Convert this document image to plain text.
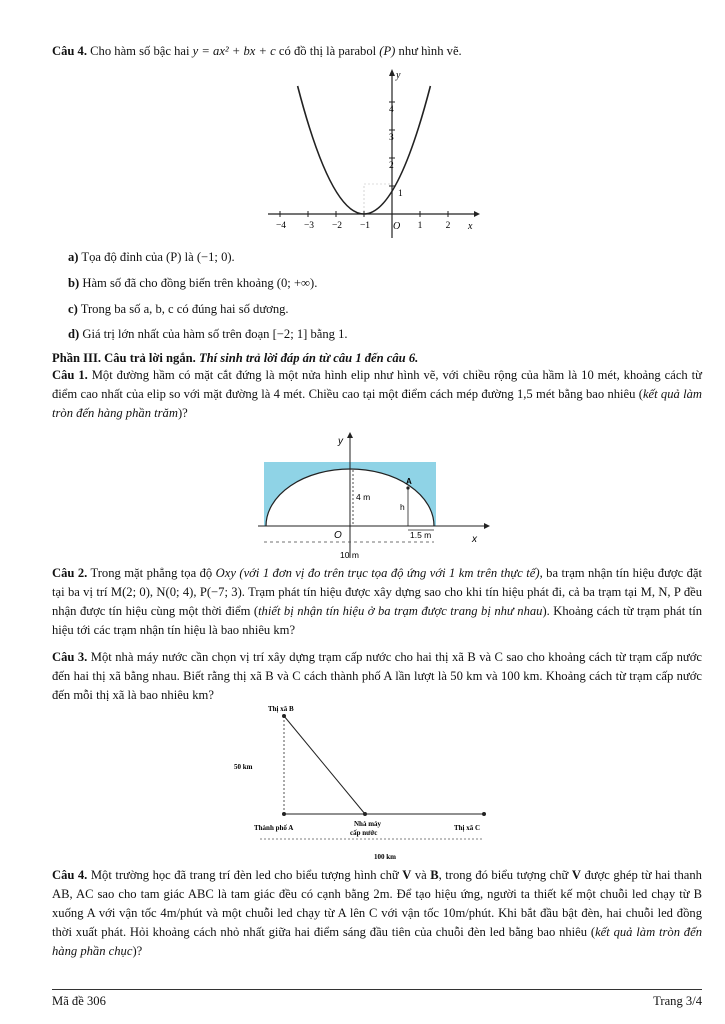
Câu 4. Cho hàm số bậc hai y = ax² + bx + c có đồ thị là parabol (P) như hình vẽ.

y
x
O
−4 −3 −2 −1	1 2
1
2
3
4
a) Tọa độ đỉnh của (P) là (−1; 0).
b) Hàm số đã cho đồng biến trên khoảng (0; +∞).
c) Trong ba số a, b, c có đúng hai số dương.
d) Giá trị lớn nhất của hàm số trên đoạn [−2; 1] bằng 1.

Phần III. Câu trả lời ngắn. Thí sinh trả lời đáp án từ câu 1 đến câu 6.

Câu 1. Một đường hầm có mặt cắt đứng là một nửa hình elip như hình vẽ, với chiều rộng của hầm là 10 mét, khoảng cách từ điểm cao nhất của elip so với mặt đường là 4 mét. Chiều cao tại một điểm cách mép đường 1,5 mét bằng bao nhiêu (kết quả làm tròn đến hàng phần trăm)?

y
x
O
4 m
A
h
1.5 m
10 m

Câu 2. Trong mặt phẳng tọa độ Oxy (với 1 đơn vị đo trên trục tọa độ ứng với 1 km trên thực tế), ba trạm nhận tín hiệu được đặt tại ba vị trí M(2; 0), N(0; 4), P(−7; 3). Trạm phát tín hiệu được xây dựng sao cho khi tín hiệu phát đi, cả ba trạm tại M, N, P đều nhận được tín hiệu cùng một thời điểm (thiết bị nhận tín hiệu ở ba trạm được trang bị như nhau). Khoảng cách từ trạm phát tín hiệu tới các trạm nhận tín hiệu là bao nhiêu km?

Câu 3. Một nhà máy nước cần chọn vị trí xây dựng trạm cấp nước cho hai thị xã B và C sao cho khoảng cách từ trạm cấp nước đến hai thị xã bằng nhau. Biết rằng thị xã B và C cách thành phố A lần lượt là 50 km và 100 km. Khoảng cách từ trạm cấp nước đến mỗi thị xã là bao nhiêu km?

Thị xã B
50 km
Thành phố A	Nhà máy
cấp nước
Thị xã C
100 km

Câu 4. Một trường học đã trang trí đèn led cho biểu tượng hình chữ V và B, trong đó biểu tượng chữ V được ghép từ hai thanh AB, AC sao cho tam giác ABC là tam giác đều có cạnh bằng 2m. Để tạo hiệu ứng, người ta thiết kế một chuỗi led chạy từ B xuống A với vận tốc 4m/phút và một chuỗi led chạy từ A lên C với vận tốc 10m/phút. Khi bắt đầu bật đèn, hai chuỗi led đồng thời xuất phát. Hỏi khoảng cách nhỏ nhất giữa hai điểm sáng đầu tiên của chuỗi đèn led bằng bao nhiêu (kết quả làm tròn đến hàng phần chục)?

Mã đề 306	Trang 3/4
